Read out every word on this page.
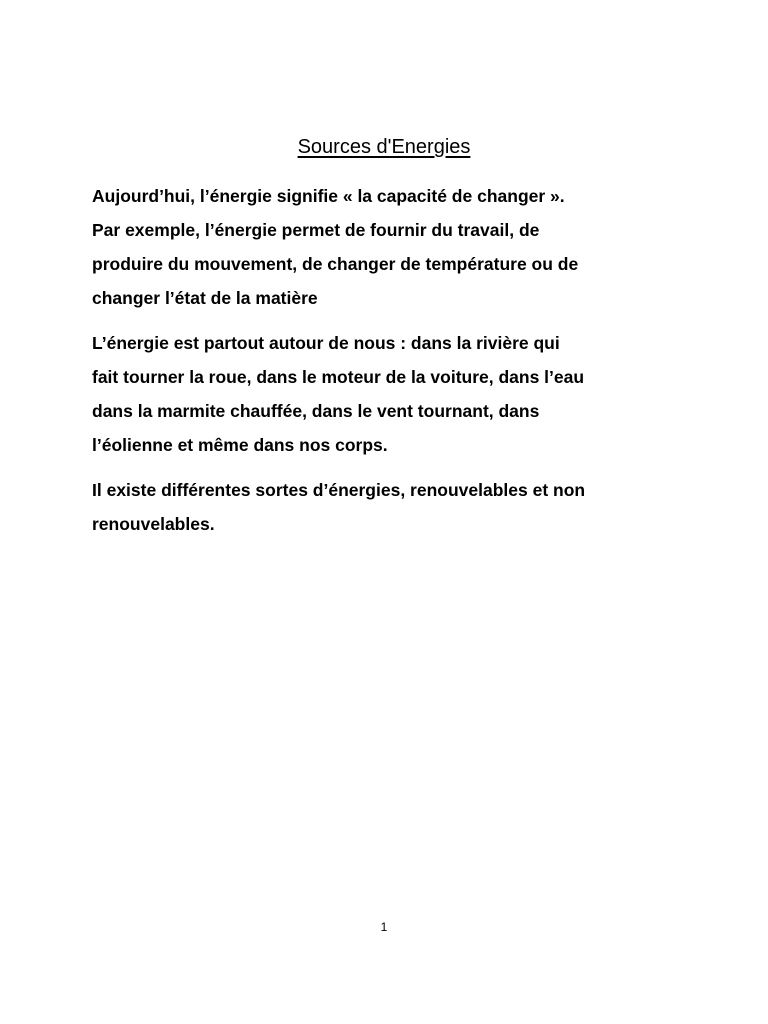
Sources d'Energies

Aujourd’hui, l’énergie signifie « la capacité de changer ».
Par exemple, l’énergie permet de fournir du travail, de
produire du mouvement, de changer de température ou de
changer l’état de la matière

L’énergie est partout autour de nous : dans la rivière qui
fait tourner la roue, dans le moteur de la voiture, dans l’eau
dans la marmite chauffée, dans le vent tournant, dans
l’éolienne et même dans nos corps.

Il existe différentes sortes d’énergies, renouvelables et non
renouvelables.

1
